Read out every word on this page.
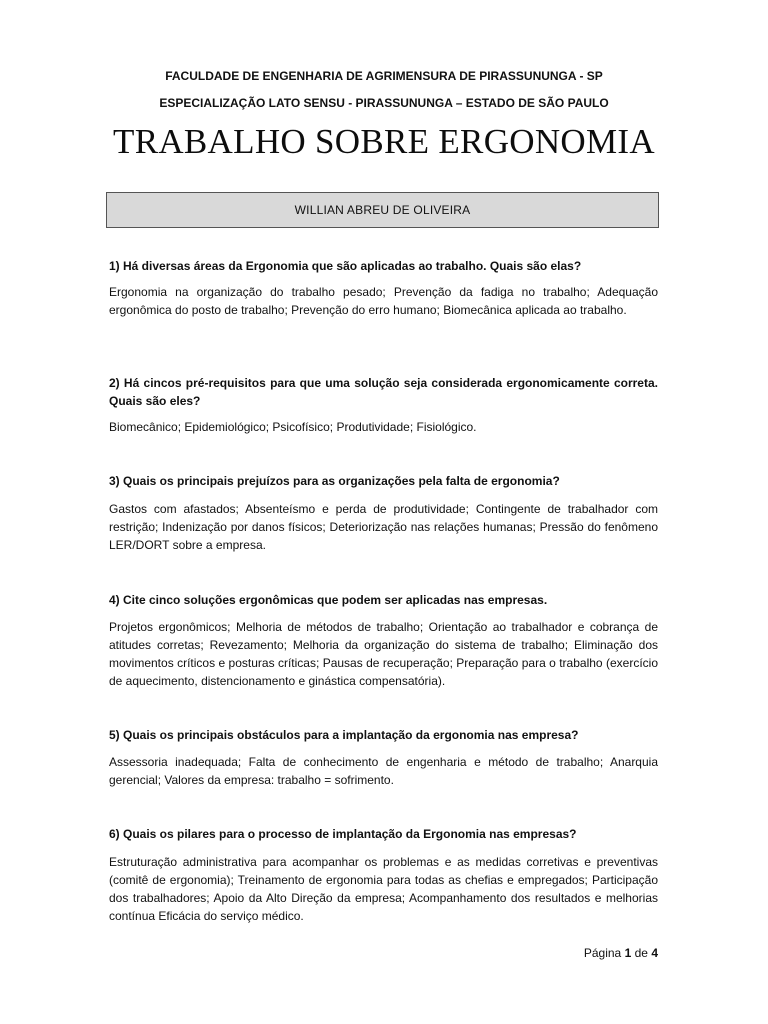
FACULDADE DE ENGENHARIA DE AGRIMENSURA DE PIRASSUNUNGA - SP
ESPECIALIZAÇÃO LATO SENSU - PIRASSUNUNGA – ESTADO DE SÃO PAULO
TRABALHO SOBRE ERGONOMIA
WILLIAN ABREU DE OLIVEIRA

1) Há diversas áreas da Ergonomia que são aplicadas ao trabalho. Quais são elas?

Ergonomia na organização do trabalho pesado; Prevenção da fadiga no trabalho; Adequação ergonômica do posto de trabalho; Prevenção do erro humano; Biomecânica aplicada ao trabalho.

2) Há cincos pré-requisitos para que uma solução seja considerada ergonomicamente correta. Quais são eles?

Biomecânico; Epidemiológico; Psicofísico; Produtividade; Fisiológico.

3) Quais os principais prejuízos para as organizações pela falta de ergonomia?

Gastos com afastados; Absenteísmo e perda de produtividade; Contingente de trabalhador com restrição; Indenização por danos físicos; Deteriorização nas relações humanas; Pressão do fenômeno LER/DORT sobre a empresa.

4) Cite cinco soluções ergonômicas que podem ser aplicadas nas empresas.

Projetos ergonômicos; Melhoria de métodos de trabalho; Orientação ao trabalhador e cobrança de atitudes corretas; Revezamento; Melhoria da organização do sistema de trabalho; Eliminação dos movimentos críticos e posturas críticas; Pausas de recuperação; Preparação para o trabalho (exercício de aquecimento, distencionamento e ginástica compensatória).

5) Quais os principais obstáculos para a implantação da ergonomia nas empresa?

Assessoria inadequada; Falta de conhecimento de engenharia e método de trabalho; Anarquia gerencial; Valores da empresa: trabalho = sofrimento.

6) Quais os pilares para o processo de implantação da Ergonomia nas empresas?

Estruturação administrativa para acompanhar os problemas e as medidas corretivas e preventivas (comitê de ergonomia); Treinamento de ergonomia para todas as chefias e empregados; Participação dos trabalhadores; Apoio da Alto Direção da empresa; Acompanhamento dos resultados e melhorias contínua Eficácia do serviço médico.

Página 1 de 4
